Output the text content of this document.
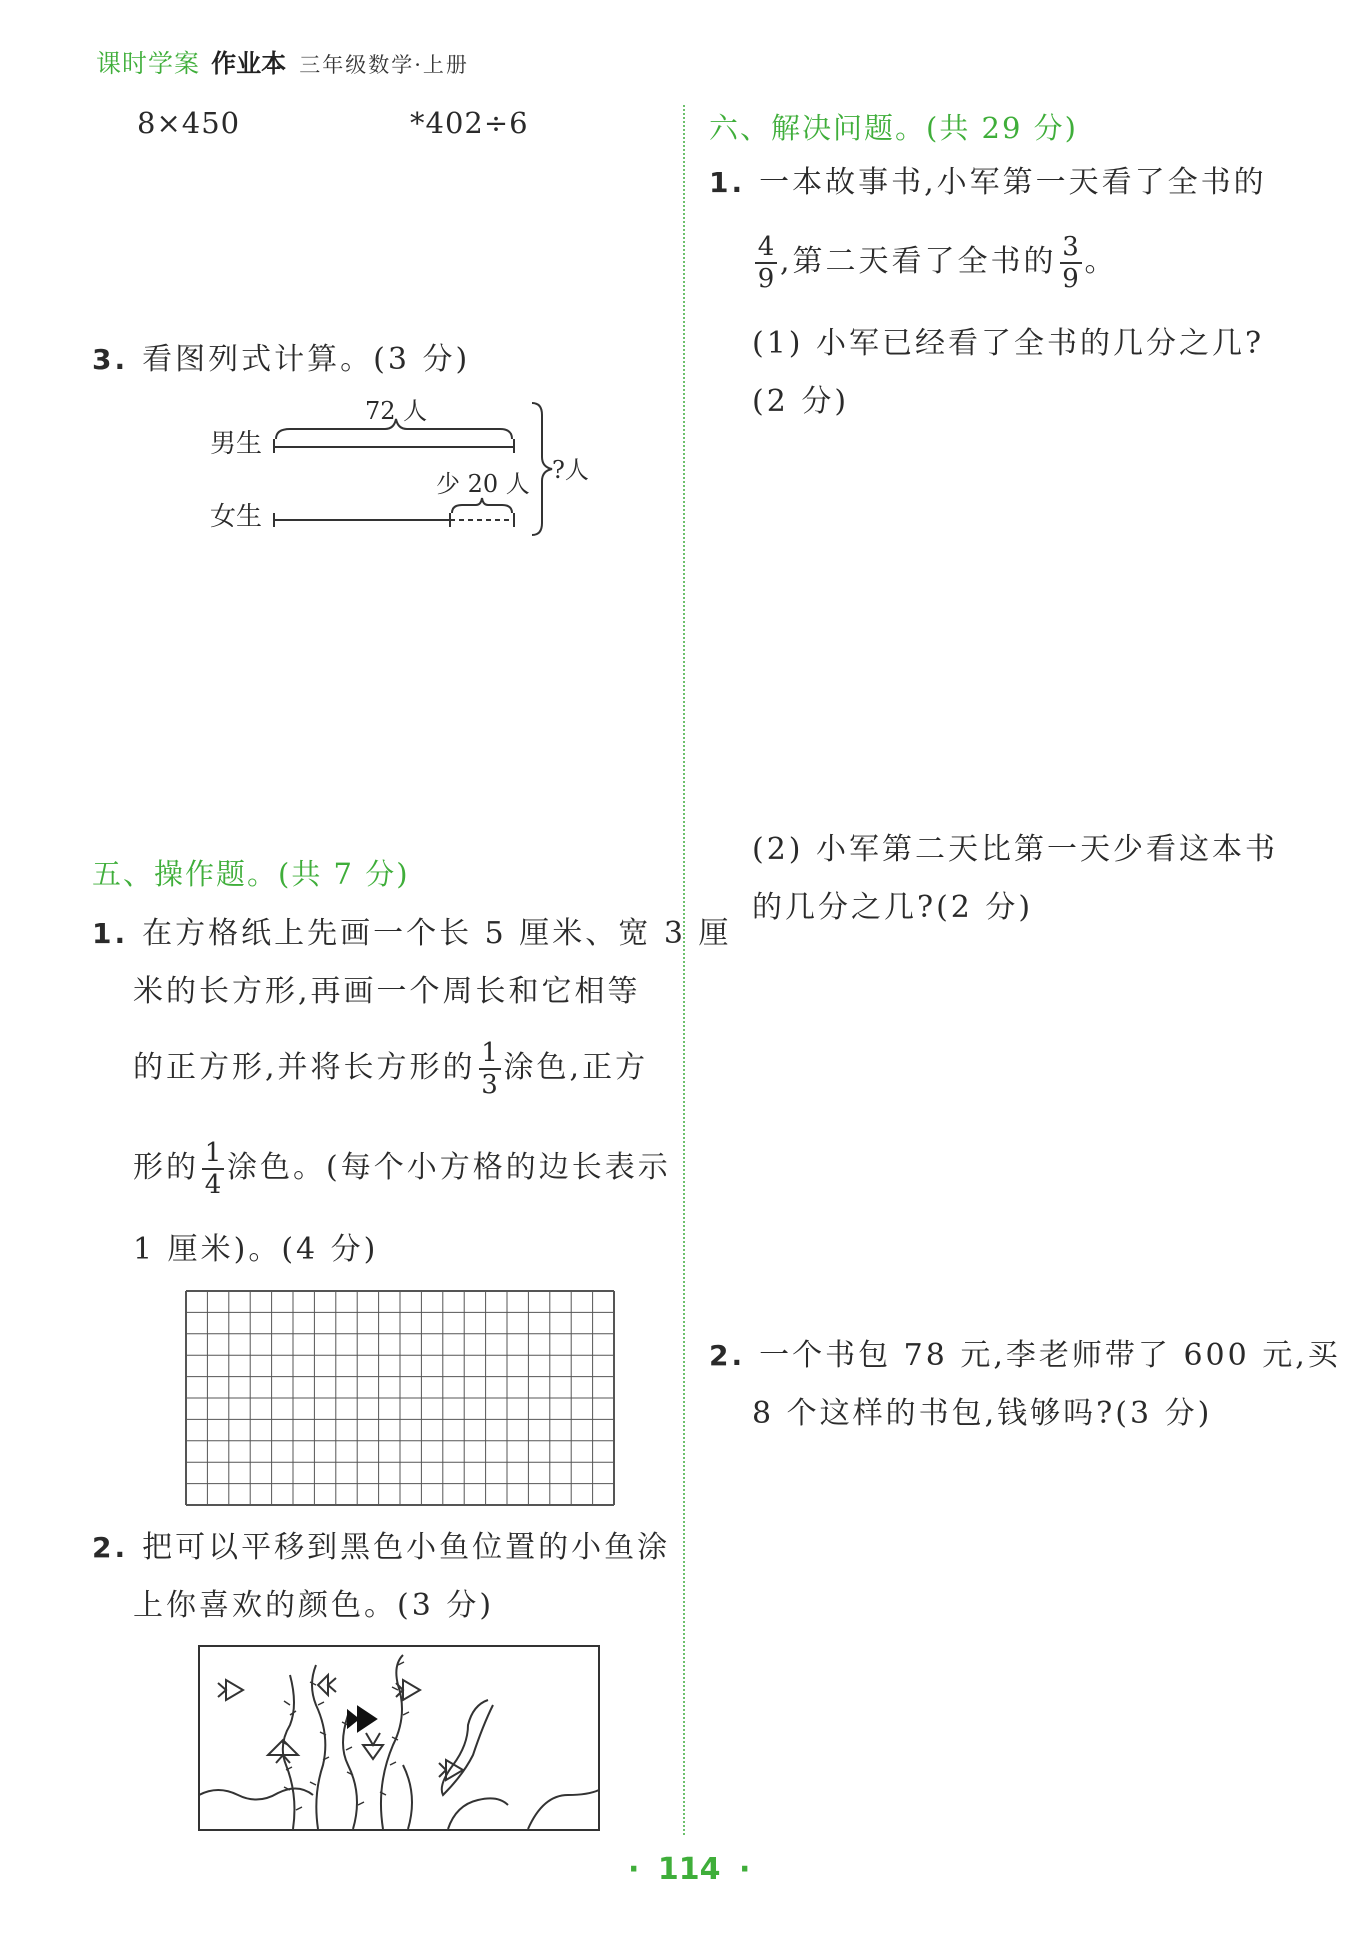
课时学案 作业本 三年级数学·上册
8×450	*402÷6
3. 看图列式计算。(3 分)
男生
女生
72 人
少 20 人 ?人
五、操作题。(共 7 分)
1. 在方格纸上先画一个长 5 厘米、宽 3 厘
米的长方形,再画一个周长和它相等
的正方形,并将长方形的 $\frac{1}{3}$ 涂色,正方
形的 $\frac{1}{4}$ 涂色。(每个小方格的边长表示
1 厘米)。(4 分)
2. 把可以平移到黑色小鱼位置的小鱼涂
上你喜欢的颜色。(3 分)
六、解决问题。(共 29 分)
1. 一本故事书,小军第一天看了全书的
$\frac{4}{9}$ ,第二天看了全书的 $\frac{3}{9}$ 。
(1) 小军已经看了全书的几分之几?
(2 分)
(2) 小军第二天比第一天少看这本书
的几分之几?(2 分)
2. 一个书包 78 元,李老师带了 600 元,买
8 个这样的书包,钱够吗?(3 分)
· 114 ·
